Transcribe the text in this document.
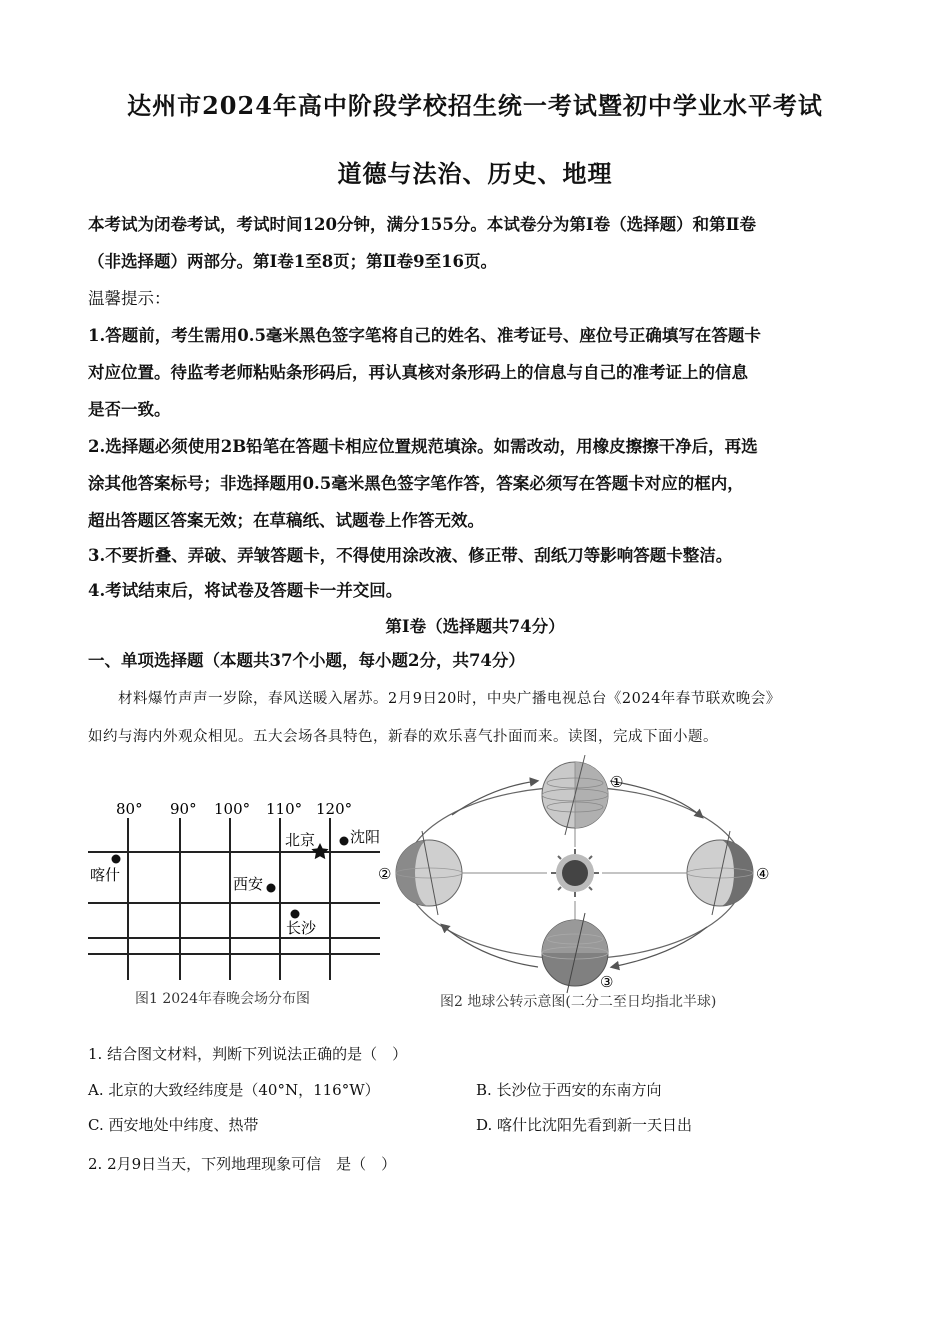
达州市2024年高中阶段学校招生统一考试暨初中学业水平考试
道德与法治、历史、地理
本考试为闭卷考试，考试时间120分钟，满分155分。本试卷分为第Ⅰ卷（选择题）和第Ⅱ卷
（非选择题）两部分。第Ⅰ卷1至8页；第Ⅱ卷9至16页。
温馨提示：
1.答题前，考生需用0.5毫米黑色签字笔将自己的姓名、准考证号、座位号正确填写在答题卡
对应位置。待监考老师粘贴条形码后，再认真核对条形码上的信息与自己的准考证上的信息
是否一致。
2.选择题必须使用2B铅笔在答题卡相应位置规范填涂。如需改动，用橡皮擦擦干净后，再选
涂其他答案标号；非选择题用0.5毫米黑色签字笔作答，答案必须写在答题卡对应的框内，
超出答题区答案无效；在草稿纸、试题卷上作答无效。
3.不要折叠、弄破、弄皱答题卡，不得使用涂改液、修正带、刮纸刀等影响答题卡整洁。
4.考试结束后，将试卷及答题卡一并交回。
第Ⅰ卷（选择题共74分）
一、单项选择题（本题共37个小题，每小题2分，共74分）
材料爆竹声声一岁除，春风送暖入屠苏。2月9日20时，中央广播电视总台《2024年春节联欢晚会》
如约与海内外观众相见。五大会场各具特色，新春的欢乐喜气扑面而来。读图，完成下面小题。
80° 90° 100° 110° 120°
北京 沈阳
喀什	西安
长沙
图1 2024年春晚会场分布图
①
②	④
③
图2 地球公转示意图(二分二至日均指北半球)
1. 结合图文材料，判断下列说法正确的是（　）
A. 北京的大致经纬度是（40°N，116°W）	B. 长沙位于西安的东南方向
C. 西安地处中纬度、热带	D. 喀什比沈阳先看到新一天日出
2. 2月9日当天，下列地理现象可信　是（　）
